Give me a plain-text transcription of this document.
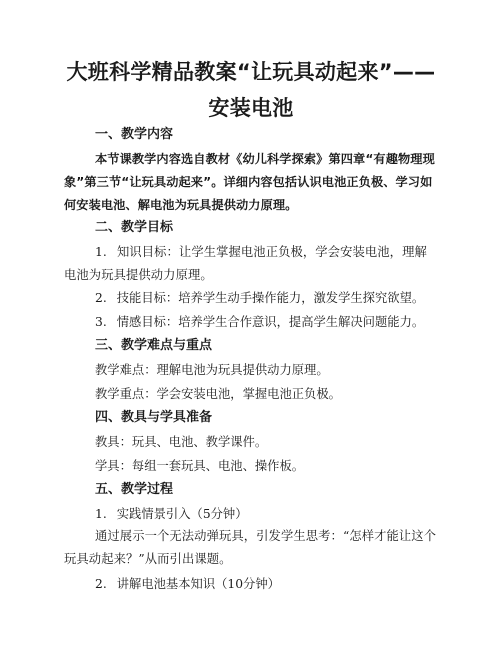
大班科学精品教案“让玩具动起来”——安装电池
一、教学内容

本节课教学内容选自教材《幼儿科学探索》第四章“有趣物理现象”第三节“让玩具动起来”。详细内容包括认识电池正负极、学习如何安装电池、解电池为玩具提供动力原理。

二、教学目标

1. 知识目标：让学生掌握电池正负极，学会安装电池，理解电池为玩具提供动力原理。

2. 技能目标：培养学生动手操作能力，激发学生探究欲望。
3. 情感目标：培养学生合作意识，提高学生解决问题能力。
三、教学难点与重点
教学难点：理解电池为玩具提供动力原理。
教学重点：学会安装电池，掌握电池正负极。
四、教具与学具准备
教具：玩具、电池、教学课件。
学具：每组一套玩具、电池、操作板。
五、教学过程
1. 实践情景引入（5分钟）

通过展示一个无法动弹玩具，引发学生思考：“怎样才能让这个玩具动起来？”从而引出课题。

2. 讲解电池基本知识（10分钟）
